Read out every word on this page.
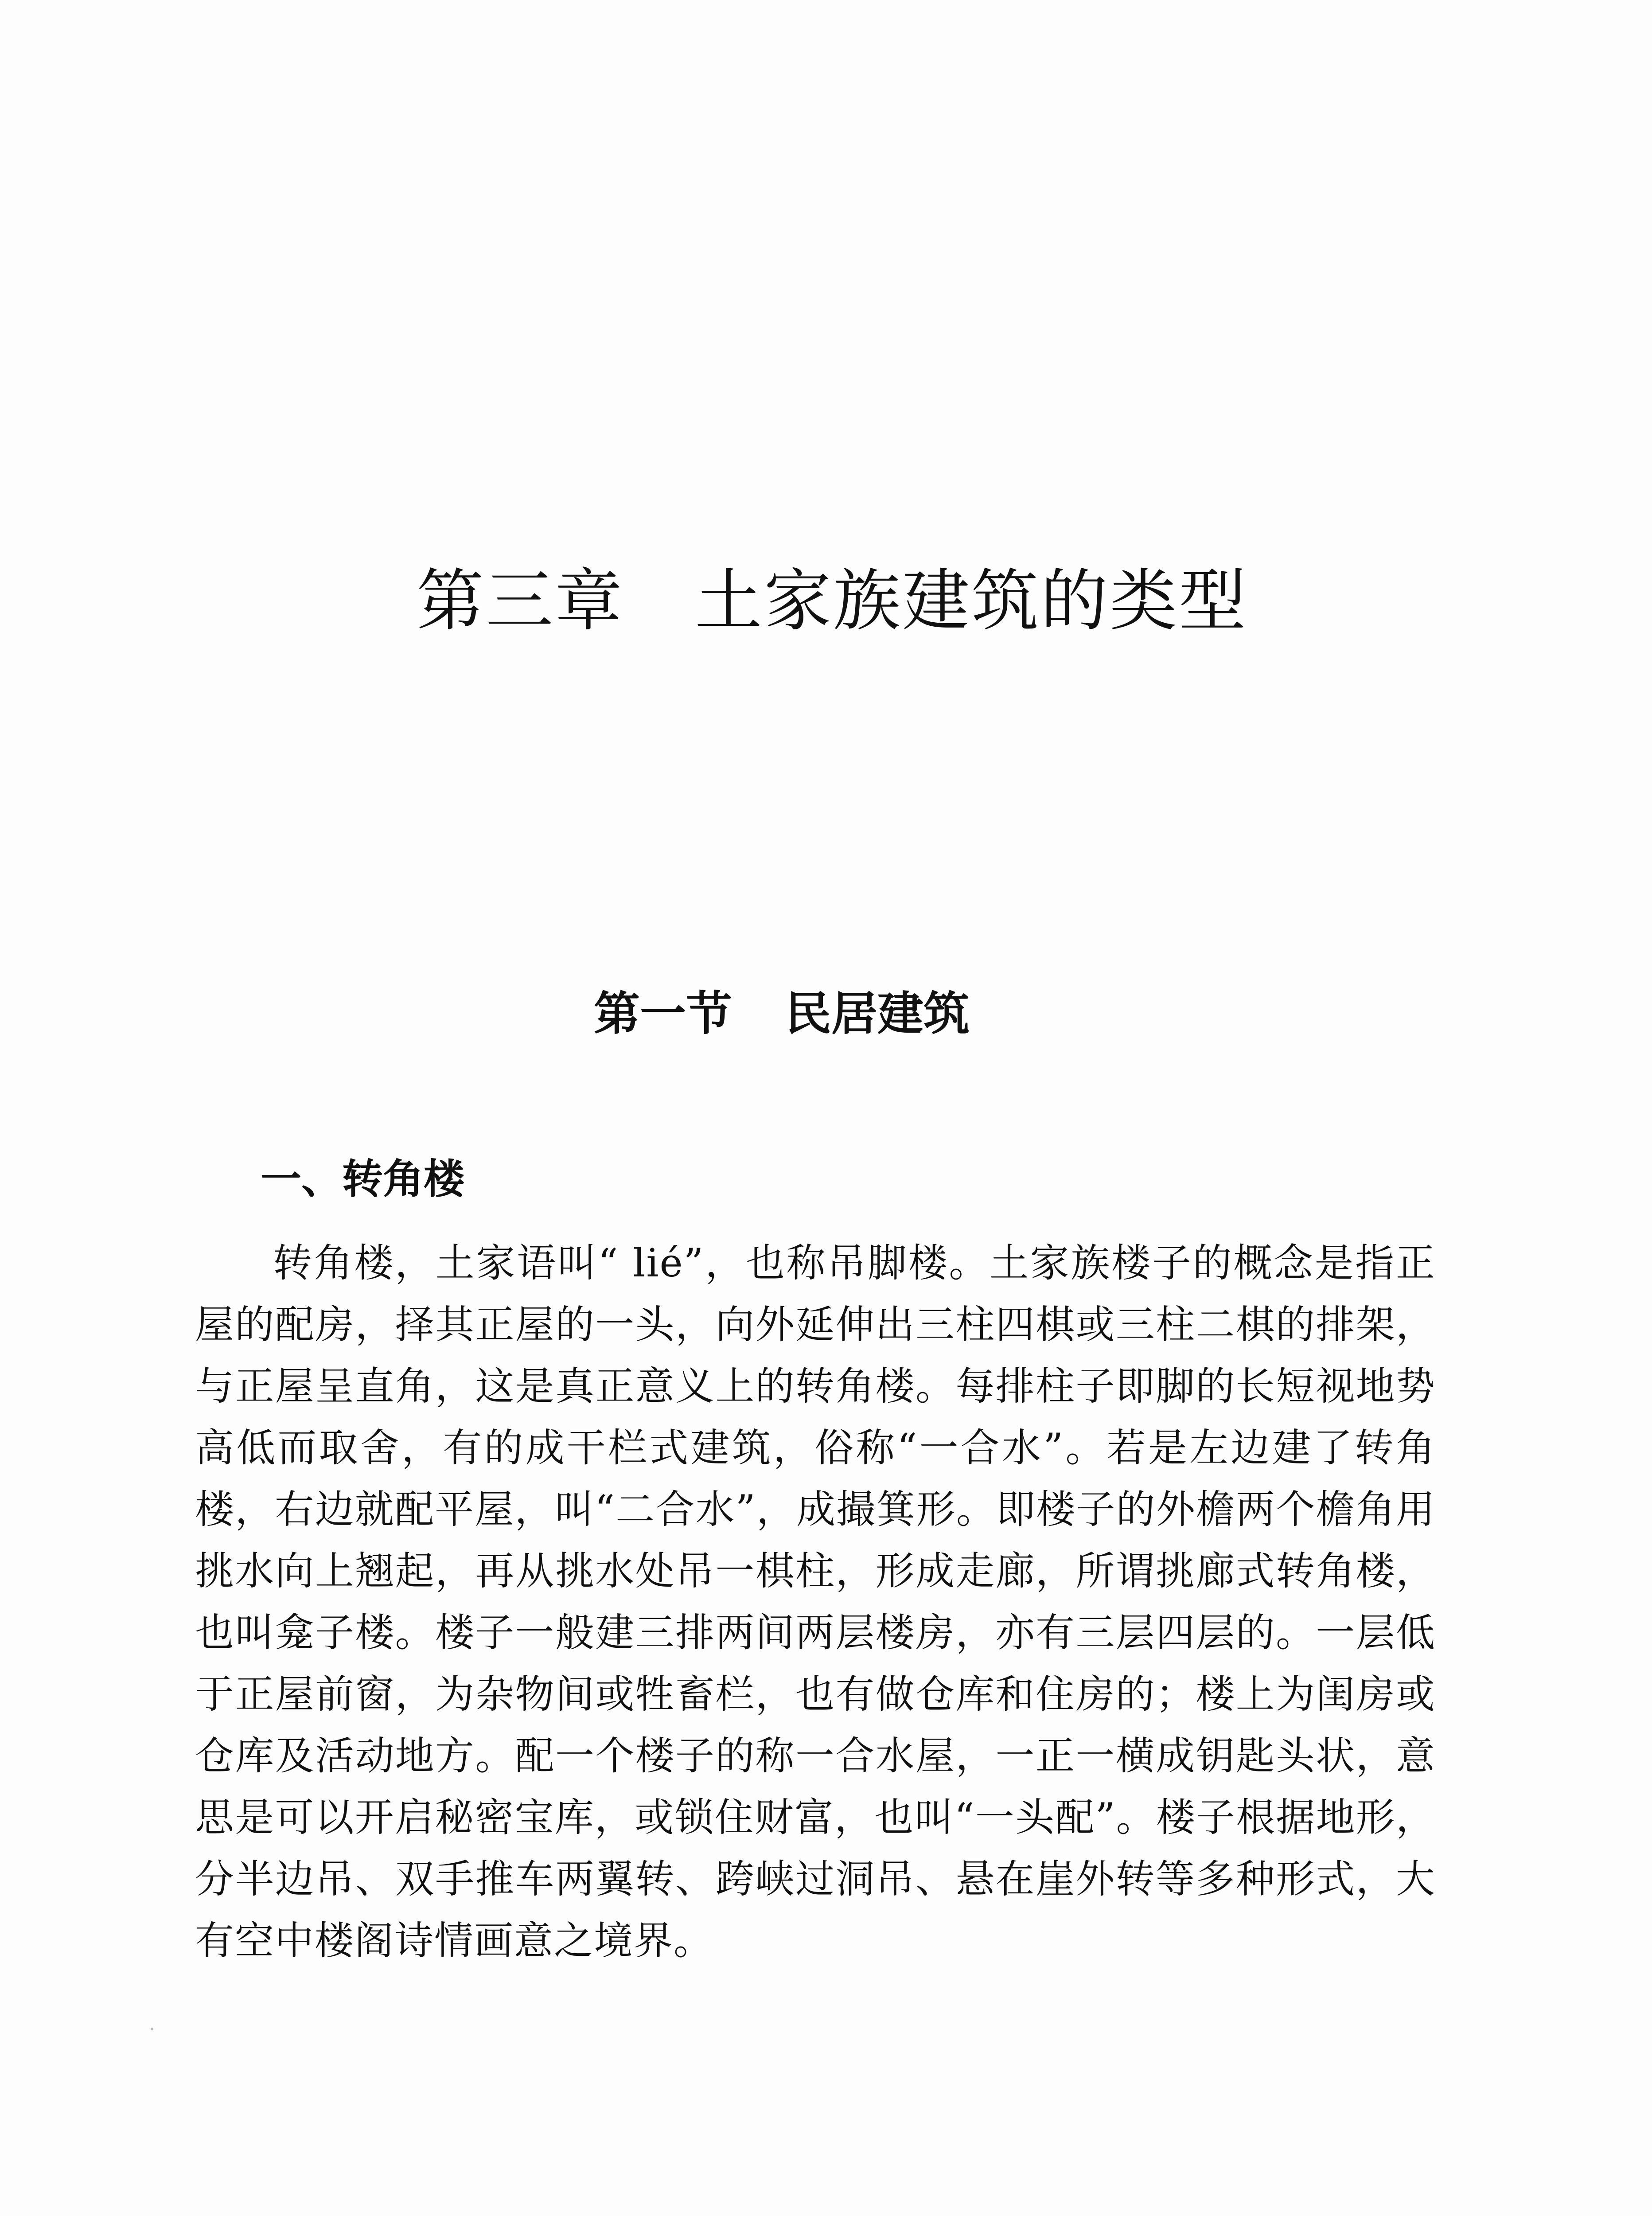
第三章 土家族建筑的类型
第一节 民居建筑
一、转角楼

转角楼，土家语叫“ lié”，也称吊脚楼。土家族楼子的概念是指正屋的配房，择其正屋的一头，向外延伸出三柱四棋或三柱二棋的排架，与正屋呈直角，这是真正意义上的转角楼。每排柱子即脚的长短视地势高低而取舍，有的成干栏式建筑，俗称“一合水”。若是左边建了转角楼，右边就配平屋，叫“二合水”，成撮箕形。即楼子的外檐两个檐角用挑水向上翘起，再从挑水处吊一棋柱，形成走廊，所谓挑廊式转角楼，也叫龛子楼。楼子一般建三排两间两层楼房，亦有三层四层的。一层低于正屋前窗，为杂物间或牲畜栏，也有做仓库和住房的；楼上为闺房或仓库及活动地方。配一个楼子的称一合水屋，一正一横成钥匙头状，意思是可以开启秘密宝库，或锁住财富，也叫“一头配”。楼子根据地形，分半边吊、双手推车两翼转、跨峡过洞吊、悬在崖外转等多种形式，大有空中楼阁诗情画意之境界。
